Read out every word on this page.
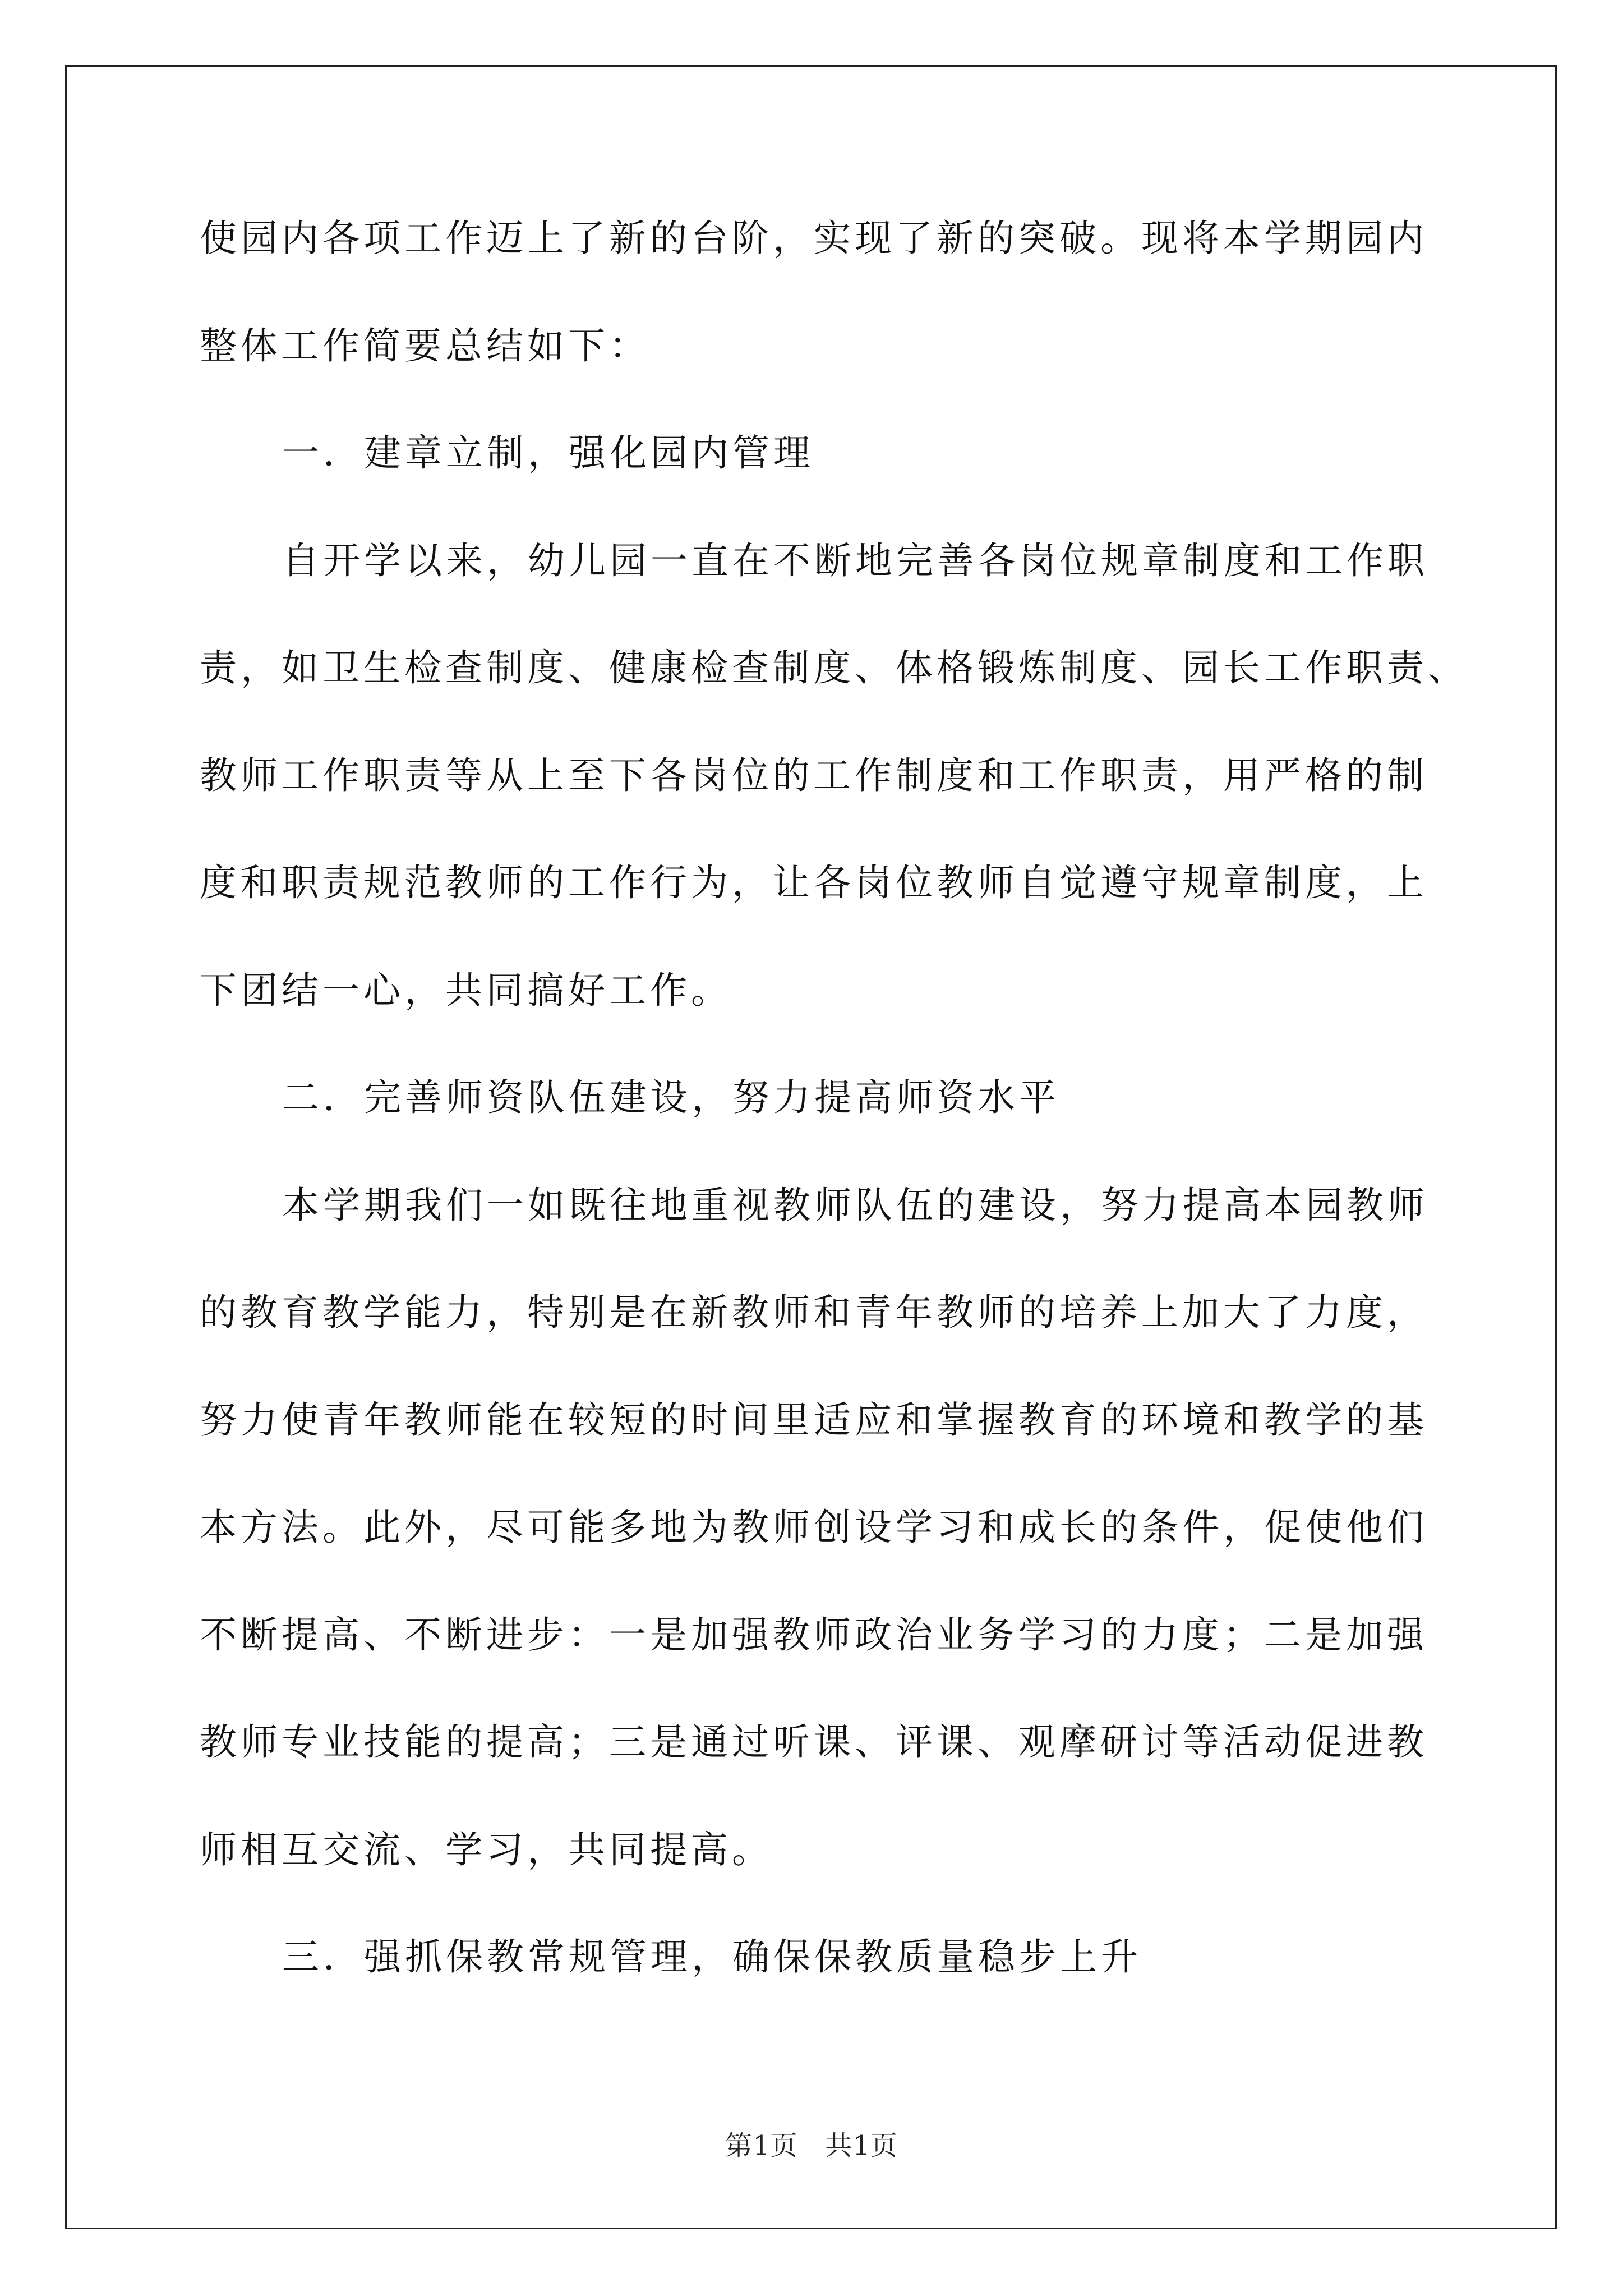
使园内各项工作迈上了新的台阶，实现了新的突破。现将本学期园内
整体工作简要总结如下：
一．建章立制，强化园内管理
自开学以来，幼儿园一直在不断地完善各岗位规章制度和工作职
责，如卫生检查制度、健康检查制度、体格锻炼制度、园长工作职责、
教师工作职责等从上至下各岗位的工作制度和工作职责，用严格的制
度和职责规范教师的工作行为，让各岗位教师自觉遵守规章制度，上
下团结一心，共同搞好工作。
二．完善师资队伍建设，努力提高师资水平
本学期我们一如既往地重视教师队伍的建设，努力提高本园教师
的教育教学能力，特别是在新教师和青年教师的培养上加大了力度，
努力使青年教师能在较短的时间里适应和掌握教育的环境和教学的基
本方法。此外，尽可能多地为教师创设学习和成长的条件，促使他们
不断提高、不断进步：一是加强教师政治业务学习的力度；二是加强
教师专业技能的提高；三是通过听课、评课、观摩研讨等活动促进教
师相互交流、学习，共同提高。
三．强抓保教常规管理，确保保教质量稳步上升
第1页   共1页
